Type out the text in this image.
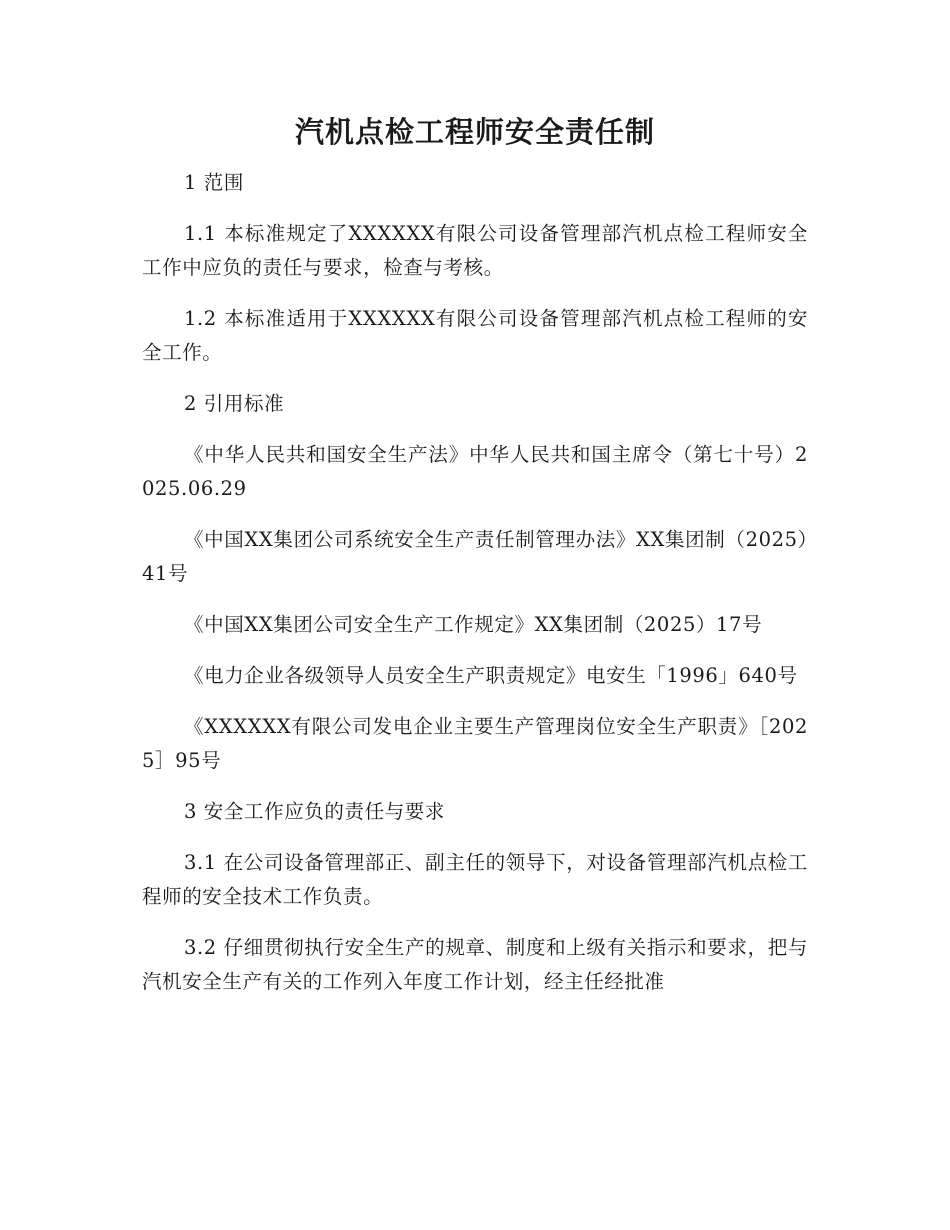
汽机点检工程师安全责任制

1 范围

1.1 本标准规定了XXXXXX有限公司设备管理部汽机点检工程师安全工作中应负的责任与要求，检查与考核。

1.2 本标准适用于XXXXXX有限公司设备管理部汽机点检工程师的安全工作。

2 引用标准

《中华人民共和国安全生产法》中华人民共和国主席令（第七十号）2025.06.29

《中国XX集团公司系统安全生产责任制管理办法》XX集团制（2025）41号

《中国XX集团公司安全生产工作规定》XX集团制（2025）17号

《电力企业各级领导人员安全生产职责规定》电安生「1996」640号

《XXXXXX有限公司发电企业主要生产管理岗位安全生产职责》［2025］95号

3 安全工作应负的责任与要求

3.1 在公司设备管理部正、副主任的领导下，对设备管理部汽机点检工程师的安全技术工作负责。

3.2 仔细贯彻执行安全生产的规章、制度和上级有关指示和要求，把与汽机安全生产有关的工作列入年度工作计划，经主任经批准
